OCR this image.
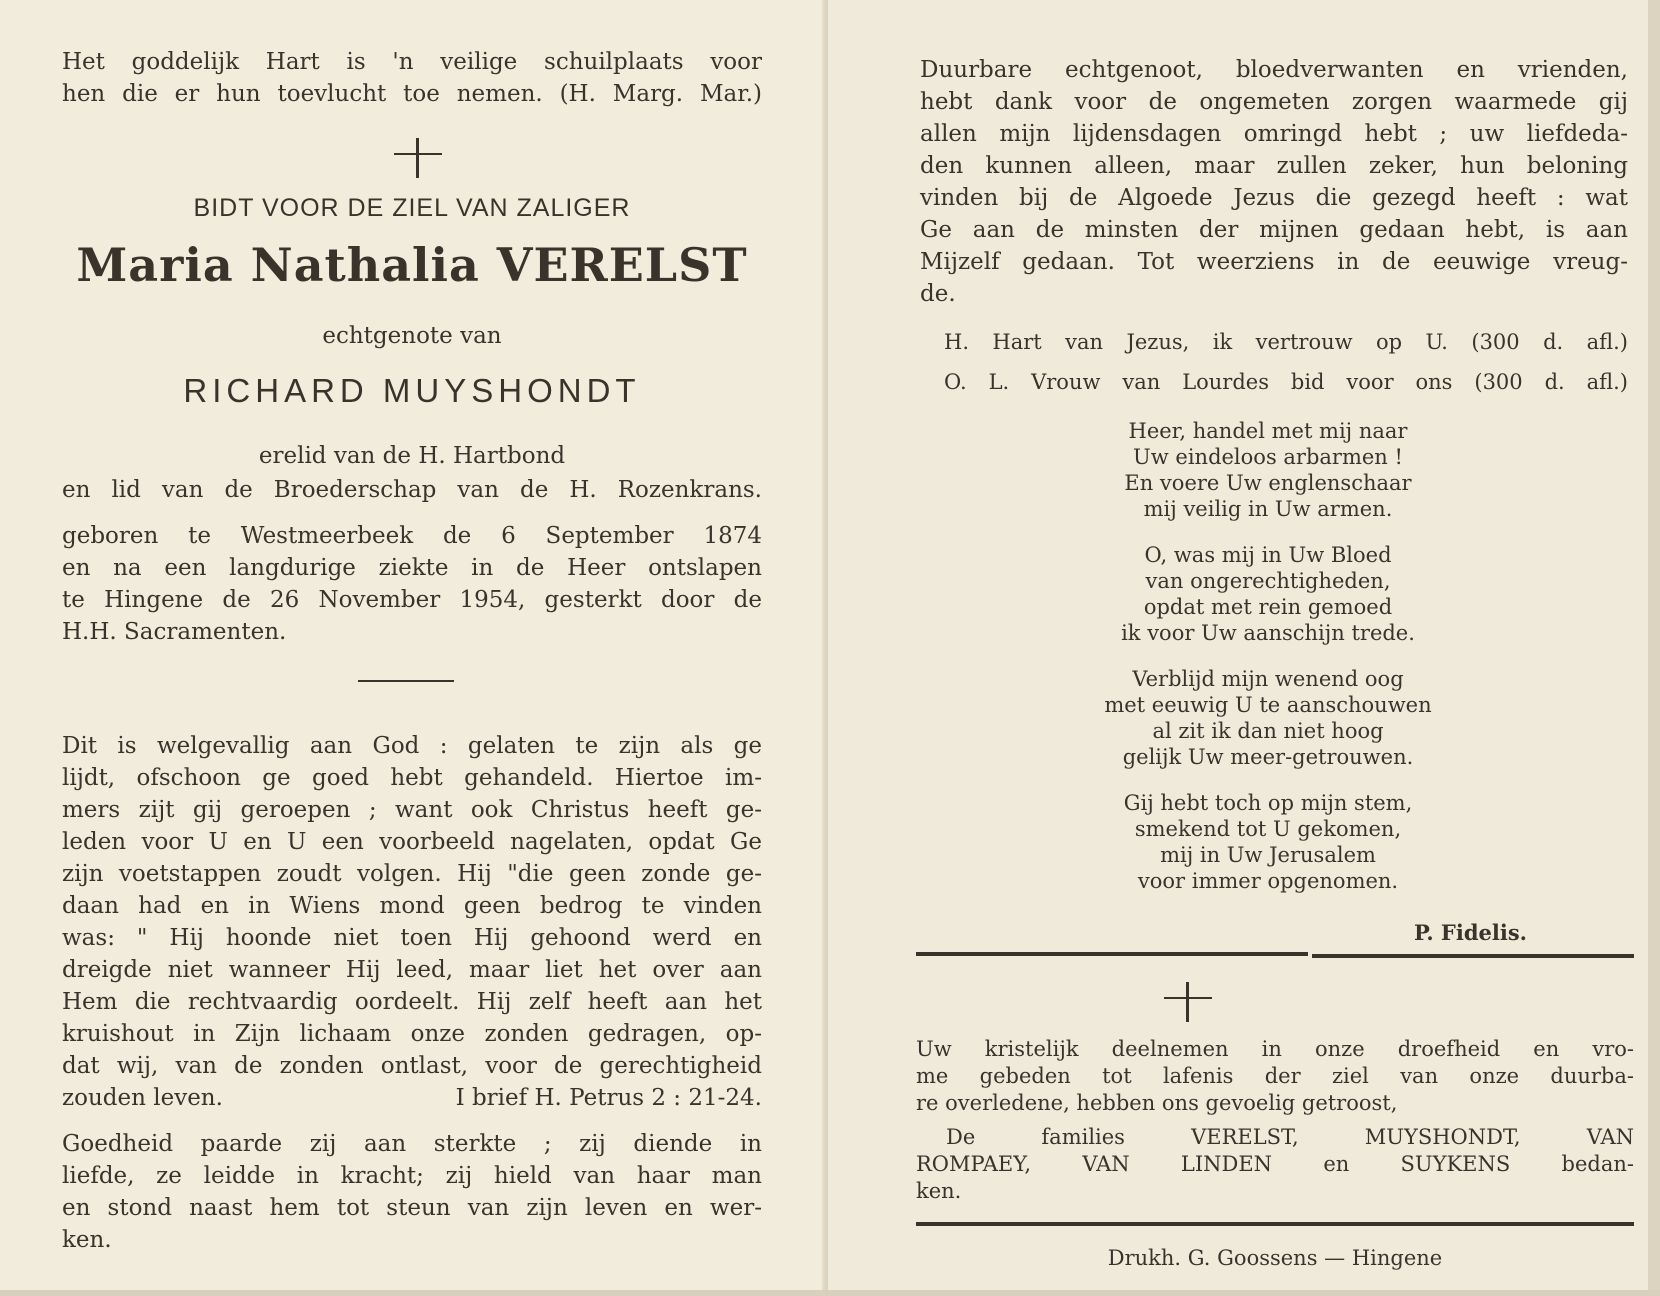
Het goddelijk Hart is 'n veilige schuilplaats voor

hen die er hun toevlucht toe nemen. (H. Marg. Mar.)

BIDT VOOR DE ZIEL VAN ZALIGER
Maria Nathalia VERELST
echtgenote van
RICHARD MUYSHONDT
erelid van de H. Hartbond

en lid van de Broederschap van de H. Rozenkrans.

geboren te Westmeerbeek de 6 September 1874

en na een langdurige ziekte in de Heer ontslapen

te Hingene de 26 November 1954, gesterkt door de

H.H. Sacramenten.

Dit is welgevallig aan God : gelaten te zijn als ge

lijdt, ofschoon ge goed hebt gehandeld. Hiertoe im-

mers zijt gij geroepen ; want ook Christus heeft ge-

leden voor U en U een voorbeeld nagelaten, opdat Ge

zijn voetstappen zoudt volgen. Hij "die geen zonde ge-

daan had en in Wiens mond geen bedrog te vinden

was: " Hij hoonde niet toen Hij gehoond werd en

dreigde niet wanneer Hij leed, maar liet het over aan

Hem die rechtvaardig oordeelt. Hij zelf heeft aan het

kruishout in Zijn lichaam onze zonden gedragen, op-

dat wij, van de zonden ontlast, voor de gerechtigheid

zouden leven.	I brief H. Petrus 2 : 21-24.

Goedheid paarde zij aan sterkte ; zij diende in

liefde, ze leidde in kracht; zij hield van haar man

en stond naast hem tot steun van zijn leven en wer-

ken.

Duurbare echtgenoot, bloedverwanten en vrienden,

hebt dank voor de ongemeten zorgen waarmede gij

allen mijn lijdensdagen omringd hebt ; uw liefdeda-

den kunnen alleen, maar zullen zeker, hun beloning

vinden bij de Algoede Jezus die gezegd heeft : wat

Ge aan de minsten der mijnen gedaan hebt, is aan

Mijzelf gedaan. Tot weerziens in de eeuwige vreug-

de.

H. Hart van Jezus, ik vertrouw op U. (300 d. afl.)

O. L. Vrouw van Lourdes bid voor ons (300 d. afl.)

Heer, handel met mij naar

Uw eindeloos arbarmen !

En voere Uw englenschaar

mij veilig in Uw armen.

O, was mij in Uw Bloed

van ongerechtigheden,

opdat met rein gemoed

ik voor Uw aanschijn trede.

Verblijd mijn wenend oog

met eeuwig U te aanschouwen

al zit ik dan niet hoog

gelijk Uw meer-getrouwen.

Gij hebt toch op mijn stem,

smekend tot U gekomen,

mij in Uw Jerusalem

voor immer opgenomen.

P. Fidelis.

Uw kristelijk deelnemen in onze droefheid en vro-

me gebeden tot lafenis der ziel van onze duurba-

re overledene, hebben ons gevoelig getroost,

De families VERELST, MUYSHONDT, VAN

ROMPAEY, VAN LINDEN en SUYKENS bedan-

ken.

Drukh. G. Goossens — Hingene
